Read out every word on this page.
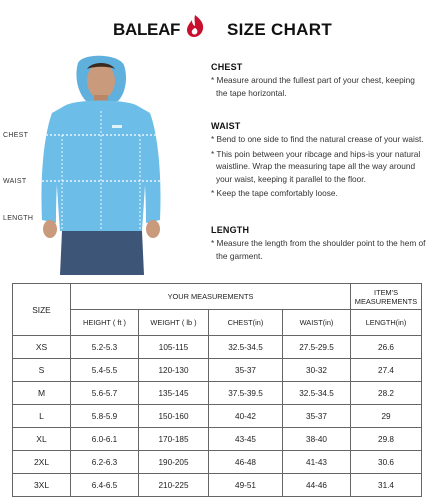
BALEAF	SIZE CHART
CHEST
WAIST
LENGTH
CHEST
* Measure around the fullest part of your chest, keeping
the tape horizontal.
WAIST
* Bend to one side to find the natural crease of your waist.
* This poin between your ribcage and hips-is your natural
waistline. Wrap the measuring tape all the way around
your waist, keeping it parallel to the floor.
* Keep the tape comfortably loose.
LENGTH
* Measure the length from the shoulder point to the hem of
the garment.
SIZE	YOUR MEASUREMENTS				ITEM'S
MEASUREMENTS

	HEIGHT ( ft )	WEIGHT ( lb )	CHEST(in)	WAIST(in)	LENGTH(in)
XS	5.2-5.3	105-115	32.5-34.5	27.5-29.5	26.6
S	5.4-5.5	120-130	35-37	30-32	27.4
M	5.6-5.7	135-145	37.5-39.5	32.5-34.5	28.2
L	5.8-5.9	150-160	40-42	35-37	29
XL	6.0-6.1	170-185	43-45	38-40	29.8
2XL	6.2-6.3	190-205	46-48	41-43	30.6
3XL	6.4-6.5	210-225	49-51	44-46	31.4
